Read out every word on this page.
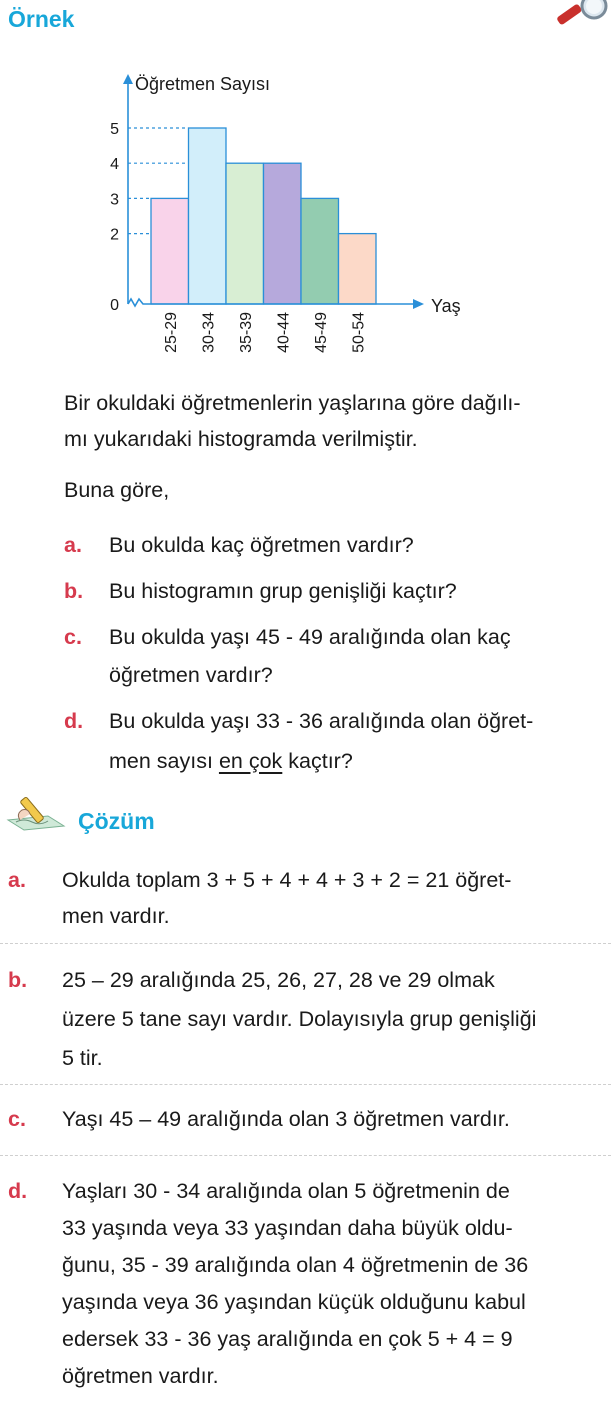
Örnek
Öğretmen Sayısı
Yaş
0
2
3
4
5
25-29 30-34 35-39 40-44 45-49 50-54
Bir okuldaki öğretmenlerin yaşlarına göre dağılı-
mı yukarıdaki histogramda verilmiştir.
Buna göre,
a. Bu okulda kaç öğretmen vardır?
b. Bu histogramın grup genişliği kaçtır?
c. Bu okulda yaşı 45 - 49 aralığında olan kaç
öğretmen vardır?
d. Bu okulda yaşı 33 - 36 aralığında olan öğret-
men sayısı en çok kaçtır?
Çözüm
a. Okulda toplam 3 + 5 + 4 + 4 + 3 + 2 = 21 öğret-
men vardır.
b. 25 – 29 aralığında 25, 26, 27, 28 ve 29 olmak
üzere 5 tane sayı vardır. Dolayısıyla grup genişliği
5 tir.
c. Yaşı 45 – 49 aralığında olan 3 öğretmen vardır.
d. Yaşları 30 - 34 aralığında olan 5 öğretmenin de
33 yaşında veya 33 yaşından daha büyük oldu-
ğunu, 35 - 39 aralığında olan 4 öğretmenin de 36
yaşında veya 36 yaşından küçük olduğunu kabul
edersek 33 - 36 yaş aralığında en çok 5 + 4 = 9
öğretmen vardır.
